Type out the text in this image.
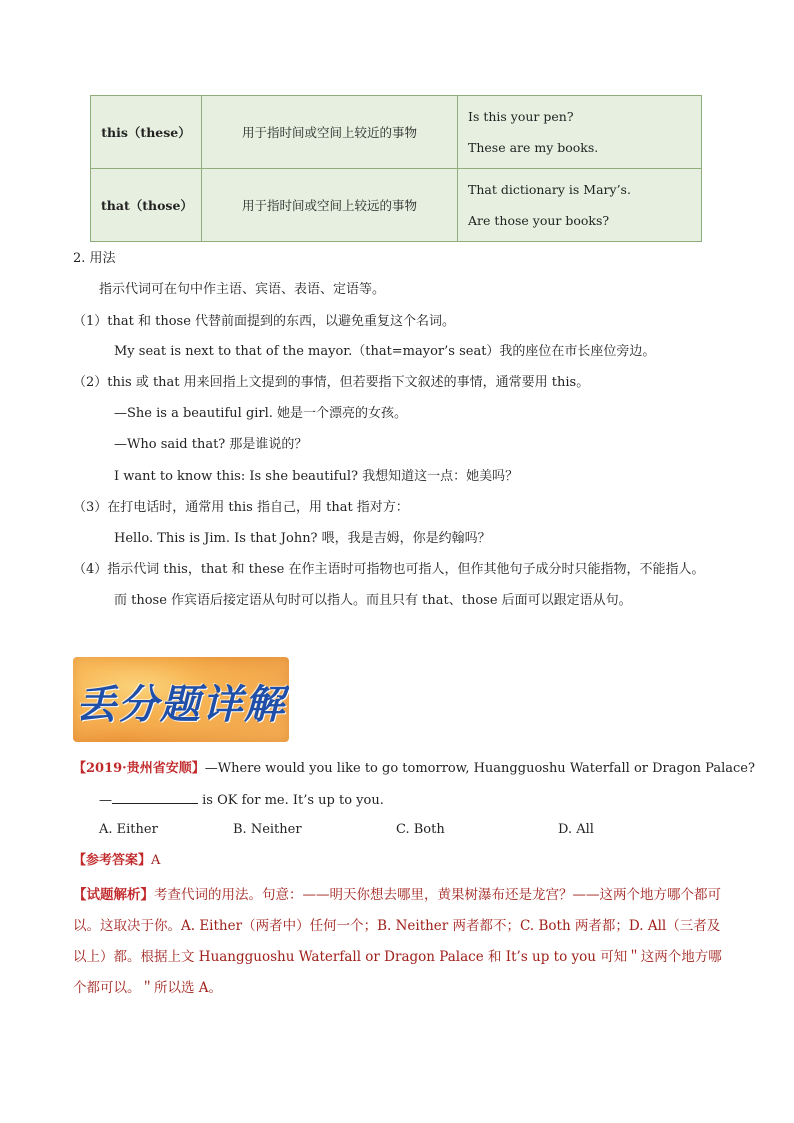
this（these）	用于指时间或空间上较近的事物	Is this your pen?
These are my books.

that（those）	用于指时间或空间上较远的事物	That dictionary is Mary’s.
Are those your books?
2. 用法
指示代词可在句中作主语、宾语、表语、定语等。
（1）that 和 those 代替前面提到的东西，以避免重复这个名词。
My seat is next to that of the mayor.（that=mayor’s seat）我的座位在市长座位旁边。
（2）this 或 that 用来回指上文提到的事情，但若要指下文叙述的事情，通常要用 this。
—She is a beautiful girl. 她是一个漂亮的女孩。
—Who said that? 那是谁说的？
I want to know this: Is she beautiful? 我想知道这一点：她美吗？
（3）在打电话时，通常用 this 指自己，用 that 指对方：
Hello. This is Jim. Is that John? 喂，我是吉姆，你是约翰吗？
（4）指示代词 this，that 和 these 在作主语时可指物也可指人，但作其他句子成分时只能指物，不能指人。
而 those 作宾语后接定语从句时可以指人。而且只有 that、those 后面可以跟定语从句。
丢分题详解
【2019·贵州省安顺】—Where would you like to go tomorrow, Huangguoshu Waterfall or Dragon Palace?
—	is OK for me. It’s up to you.
A. Either	B. Neither	C. Both	D. All
【参考答案】A
【试题解析】考查代词的用法。句意：——明天你想去哪里，黄果树瀑布还是龙宫？——这两个地方哪个都可以。这取决于你。A. Either（两者中）任何一个；B. Neither 两者都不；C. Both 两者都；D. All（三者及以上）都。根据上文 Huangguoshu Waterfall or Dragon Palace 和 It’s up to you 可知＂这两个地方哪个都可以。＂所以选 A。
